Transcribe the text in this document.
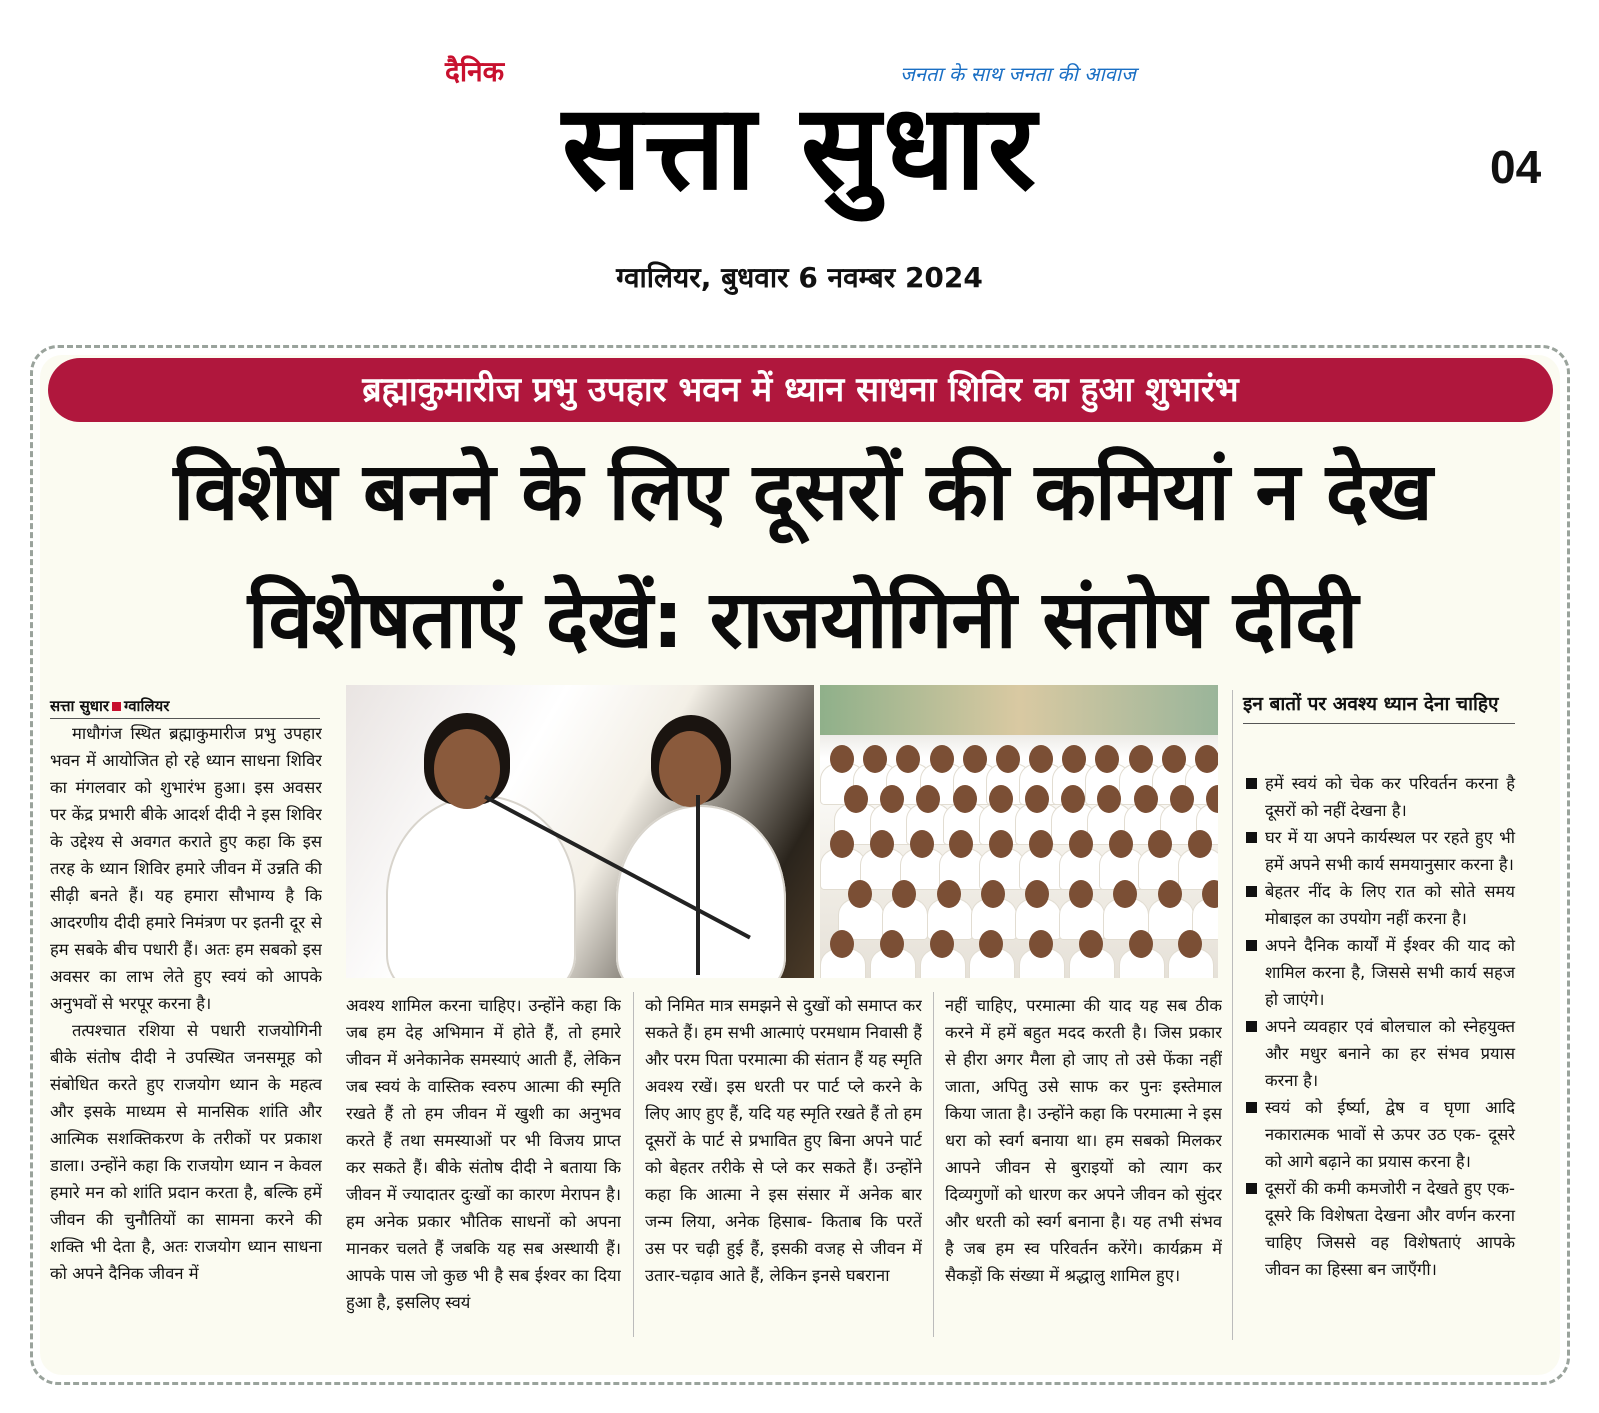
दैनिक	जनता के साथ जनता की आवाज
सत्ता सुधार	04
ग्वालियर, बुधवार 6 नवम्बर 2024
ब्रह्माकुमारीज प्रभु उपहार भवन में ध्यान साधना शिविर का हुआ शुभारंभ
विशेष बनने के लिए दूसरों की कमियां न देख
विशेषताएं देखें: राजयोगिनी संतोष दीदी
सत्ता सुधार ग्वालियर

माधौगंज स्थित ब्रह्माकुमारीज प्रभु उपहार भवन में आयोजित हो रहे ध्यान साधना शिविर का मंगलवार को शुभारंभ हुआ। इस अवसर पर केंद्र प्रभारी बीके आदर्श दीदी ने इस शिविर के उद्देश्य से अवगत कराते हुए कहा कि इस तरह के ध्यान शिविर हमारे जीवन में उन्नति की सीढ़ी बनते हैं। यह हमारा सौभाग्य है कि आदरणीय दीदी हमारे निमंत्रण पर इतनी दूर से हम सबके बीच पधारी हैं। अतः हम सबको इस अवसर का लाभ लेते हुए स्वयं को आपके अनुभवों से भरपूर करना है।

तत्पश्चात रशिया से पधारी राजयोगिनी बीके संतोष दीदी ने उपस्थित जनसमूह को संबोधित करते हुए राजयोग ध्यान के महत्व और इसके माध्यम से मानसिक शांति और आत्मिक सशक्तिकरण के तरीकों पर प्रकाश डाला। उन्होंने कहा कि राजयोग ध्यान न केवल हमारे मन को शांति प्रदान करता है, बल्कि हमें जीवन की चुनौतियों का सामना करने की शक्ति भी देता है, अतः राजयोग ध्यान साधना को अपने दैनिक जीवन में

अवश्य शामिल करना चाहिए। उन्होंने कहा कि जब हम देह अभिमान में होते हैं, तो हमारे जीवन में अनेकानेक समस्याएं आती हैं, लेकिन जब स्वयं के वास्तिक स्वरुप आत्मा की स्मृति रखते हैं तो हम जीवन में खुशी का अनुभव करते हैं तथा समस्याओं पर भी विजय प्राप्त कर सकते हैं। बीके संतोष दीदी ने बताया कि जीवन में ज्यादातर दुःखों का कारण मेरापन है। हम अनेक प्रकार भौतिक साधनों को अपना मानकर चलते हैं जबकि यह सब अस्थायी हैं। आपके पास जो कुछ भी है सब ईश्वर का दिया हुआ है, इसलिए स्वयं
को निमित मात्र समझने से दुखों को समाप्त कर सकते हैं। हम सभी आत्माएं परमधाम निवासी हैं और परम पिता परमात्मा की संतान हैं यह स्मृति अवश्य रखें। इस धरती पर पार्ट प्ले करने के लिए आए हुए हैं, यदि यह स्मृति रखते हैं तो हम दूसरों के पार्ट से प्रभावित हुए बिना अपने पार्ट को बेहतर तरीके से प्ले कर सकते हैं। उन्होंने कहा कि आत्मा ने इस संसार में अनेक बार जन्म लिया, अनेक हिसाब- किताब कि परतें उस पर चढ़ी हुई हैं, इसकी वजह से जीवन में उतार-चढ़ाव आते हैं, लेकिन इनसे घबराना
नहीं चाहिए, परमात्मा की याद यह सब ठीक करने में हमें बहुत मदद करती है। जिस प्रकार से हीरा अगर मैला हो जाए तो उसे फेंका नहीं जाता, अपितु उसे साफ कर पुनः इस्तेमाल किया जाता है। उन्होंने कहा कि परमात्मा ने इस धरा को स्वर्ग बनाया था। हम सबको मिलकर आपने जीवन से बुराइयों को त्याग कर दिव्यगुणों को धारण कर अपने जीवन को सुंदर और धरती को स्वर्ग बनाना है। यह तभी संभव है जब हम स्व परिवर्तन करेंगे। कार्यक्रम में सैकड़ों कि संख्या में श्रद्धालु शामिल हुए।
इन बातों पर अवश्य ध्यान देना चाहिए
हमें स्वयं को चेक कर परिवर्तन करना है दूसरों को नहीं देखना है।
घर में या अपने कार्यस्थल पर रहते हुए भी हमें अपने सभी कार्य समयानुसार करना है।
बेहतर नींद के लिए रात को सोते समय मोबाइल का उपयोग नहीं करना है।
अपने दैनिक कार्यों में ईश्वर की याद को शामिल करना है, जिससे सभी कार्य सहज हो जाएंगे।
अपने व्यवहार एवं बोलचाल को स्नेहयुक्त और मधुर बनाने का हर संभव प्रयास करना है।
स्वयं को ईर्ष्या, द्वेष व घृणा आदि नकारात्मक भावों से ऊपर उठ एक- दूसरे को आगे बढ़ाने का प्रयास करना है।
दूसरों की कमी कमजोरी न देखते हुए एक- दूसरे कि विशेषता देखना और वर्णन करना चाहिए जिससे वह विशेषताएं आपके जीवन का हिस्सा बन जाएँगी।
